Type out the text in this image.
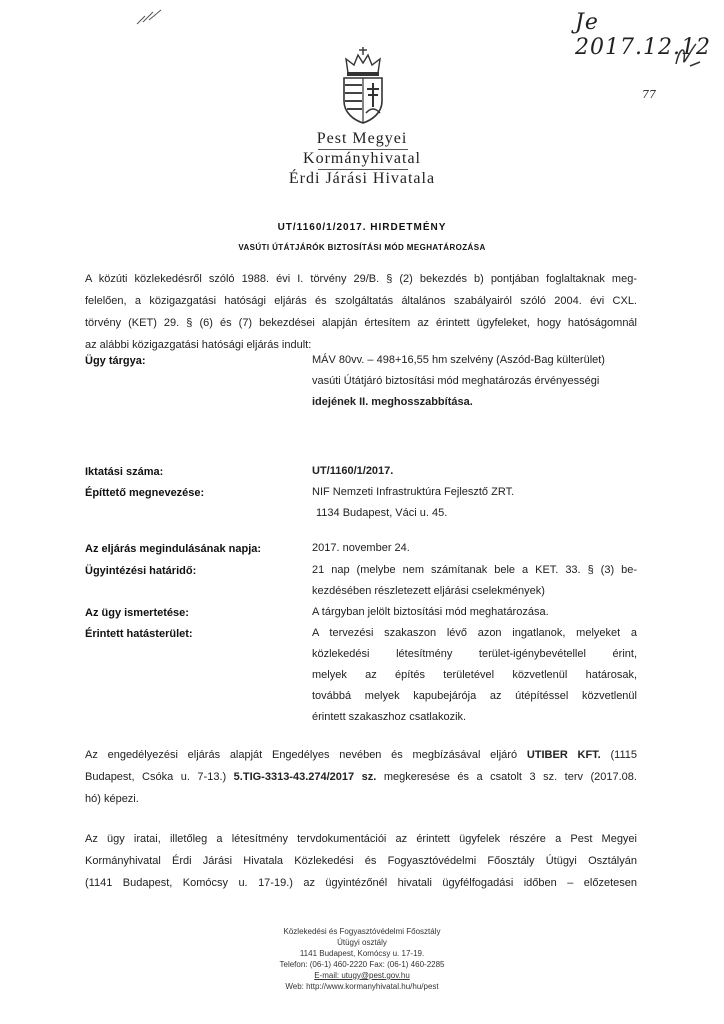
Je 2017.12.12
77
Pest Megyei
Kormányhivatal
Érdi Járási Hivatala
UT/1160/1/2017. HIRDETMÉNY
VASÚTI ÚTÁTJÁRÓK BIZTOSÍTÁSI MÓD MEGHATÁROZÁSA
A közúti közlekedésről szóló 1988. évi I. törvény 29/B. § (2) bekezdés b) pontjában foglaltaknak meg-
felelően, a közigazgatási hatósági eljárás és szolgáltatás általános szabályairól szóló 2004. évi CXL.
törvény (KET) 29. § (6) és (7) bekezdései alapján értesítem az érintett ügyfeleket, hogy hatóságomnál
az alábbi közigazgatási hatósági eljárás indult:
Ügy tárgya:	MÁV 80vv. – 498+16,55 hm szelvény (Aszód-Bag külterület)
vasúti Útátjáró biztosítási mód meghatározás érvényességi
idejének II. meghosszabbítása.
Iktatási száma:	UT/1160/1/2017.
Építtető megnevezése:	NIF Nemzeti Infrastruktúra Fejlesztő ZRT.
1134 Budapest, Váci u. 45.
Az eljárás megindulásának napja:	2017. november 24.
Ügyintézési határidő:	21 nap (melybe nem számítanak bele a KET. 33. § (3) be-
kezdésében részletezett eljárási cselekmények)
Az ügy ismertetése:	A tárgyban jelölt biztosítási mód meghatározása.
Érintett hatásterület:	A tervezési szakaszon lévő azon ingatlanok, melyeket a
közlekedési létesítmény terület-igénybevétellel érint,
melyek az építés területével közvetlenül határosak,
továbbá melyek kapubejárója az útépítéssel közvetlenül
érintett szakaszhoz csatlakozik.
Az engedélyezési eljárás alapját Engedélyes nevében és megbízásával eljáró UTIBER KFT. (1115
Budapest, Csóka u. 7-13.) 5.TIG-3313-43.274/2017 sz. megkeresése és a csatolt 3 sz. terv (2017.08.
hó) képezi.
Az ügy iratai, illetőleg a létesítmény tervdokumentációi az érintett ügyfelek részére a Pest Megyei
Kormányhivatal Érdi Járási Hivatala Közlekedési és Fogyasztóvédelmi Főosztály Útügyi Osztályán
(1141 Budapest, Komócsy u. 17-19.) az ügyintézőnél hivatali ügyfélfogadási időben – előzetesen
Közlekedési és Fogyasztóvédelmi Főosztály
Útügyi osztály
1141 Budapest, Komócsy u. 17-19.
Telefon: (06-1) 460-2220 Fax: (06-1) 460-2285
E-mail: utugy@pest.gov.hu
Web: http://www.kormanyhivatal.hu/hu/pest
